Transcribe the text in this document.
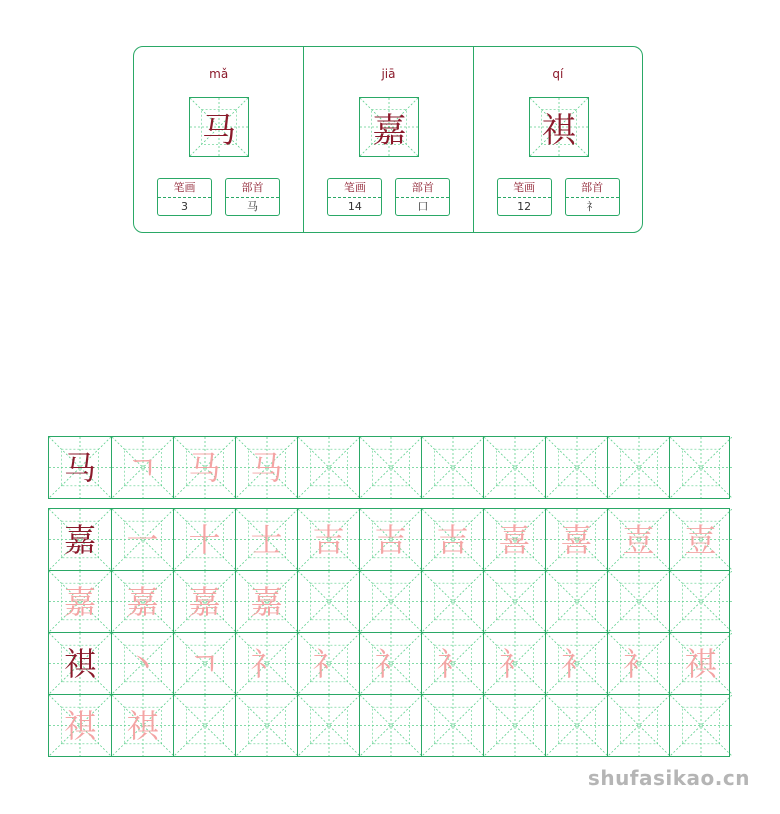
mǎ
马
笔画
3
部首
马
jiā
嘉
笔画
14
部首
口
qí
祺
笔画
12
部首
礻
马 ㄱ 马 马
嘉 一 十 士 吉 吉 吉 喜 喜 壴 壴
嘉 嘉 嘉 嘉
祺 丶 ㄱ 礻 礻 礻 衤 衤 衤 衤 祺
祺 祺
shufasikao.cn
